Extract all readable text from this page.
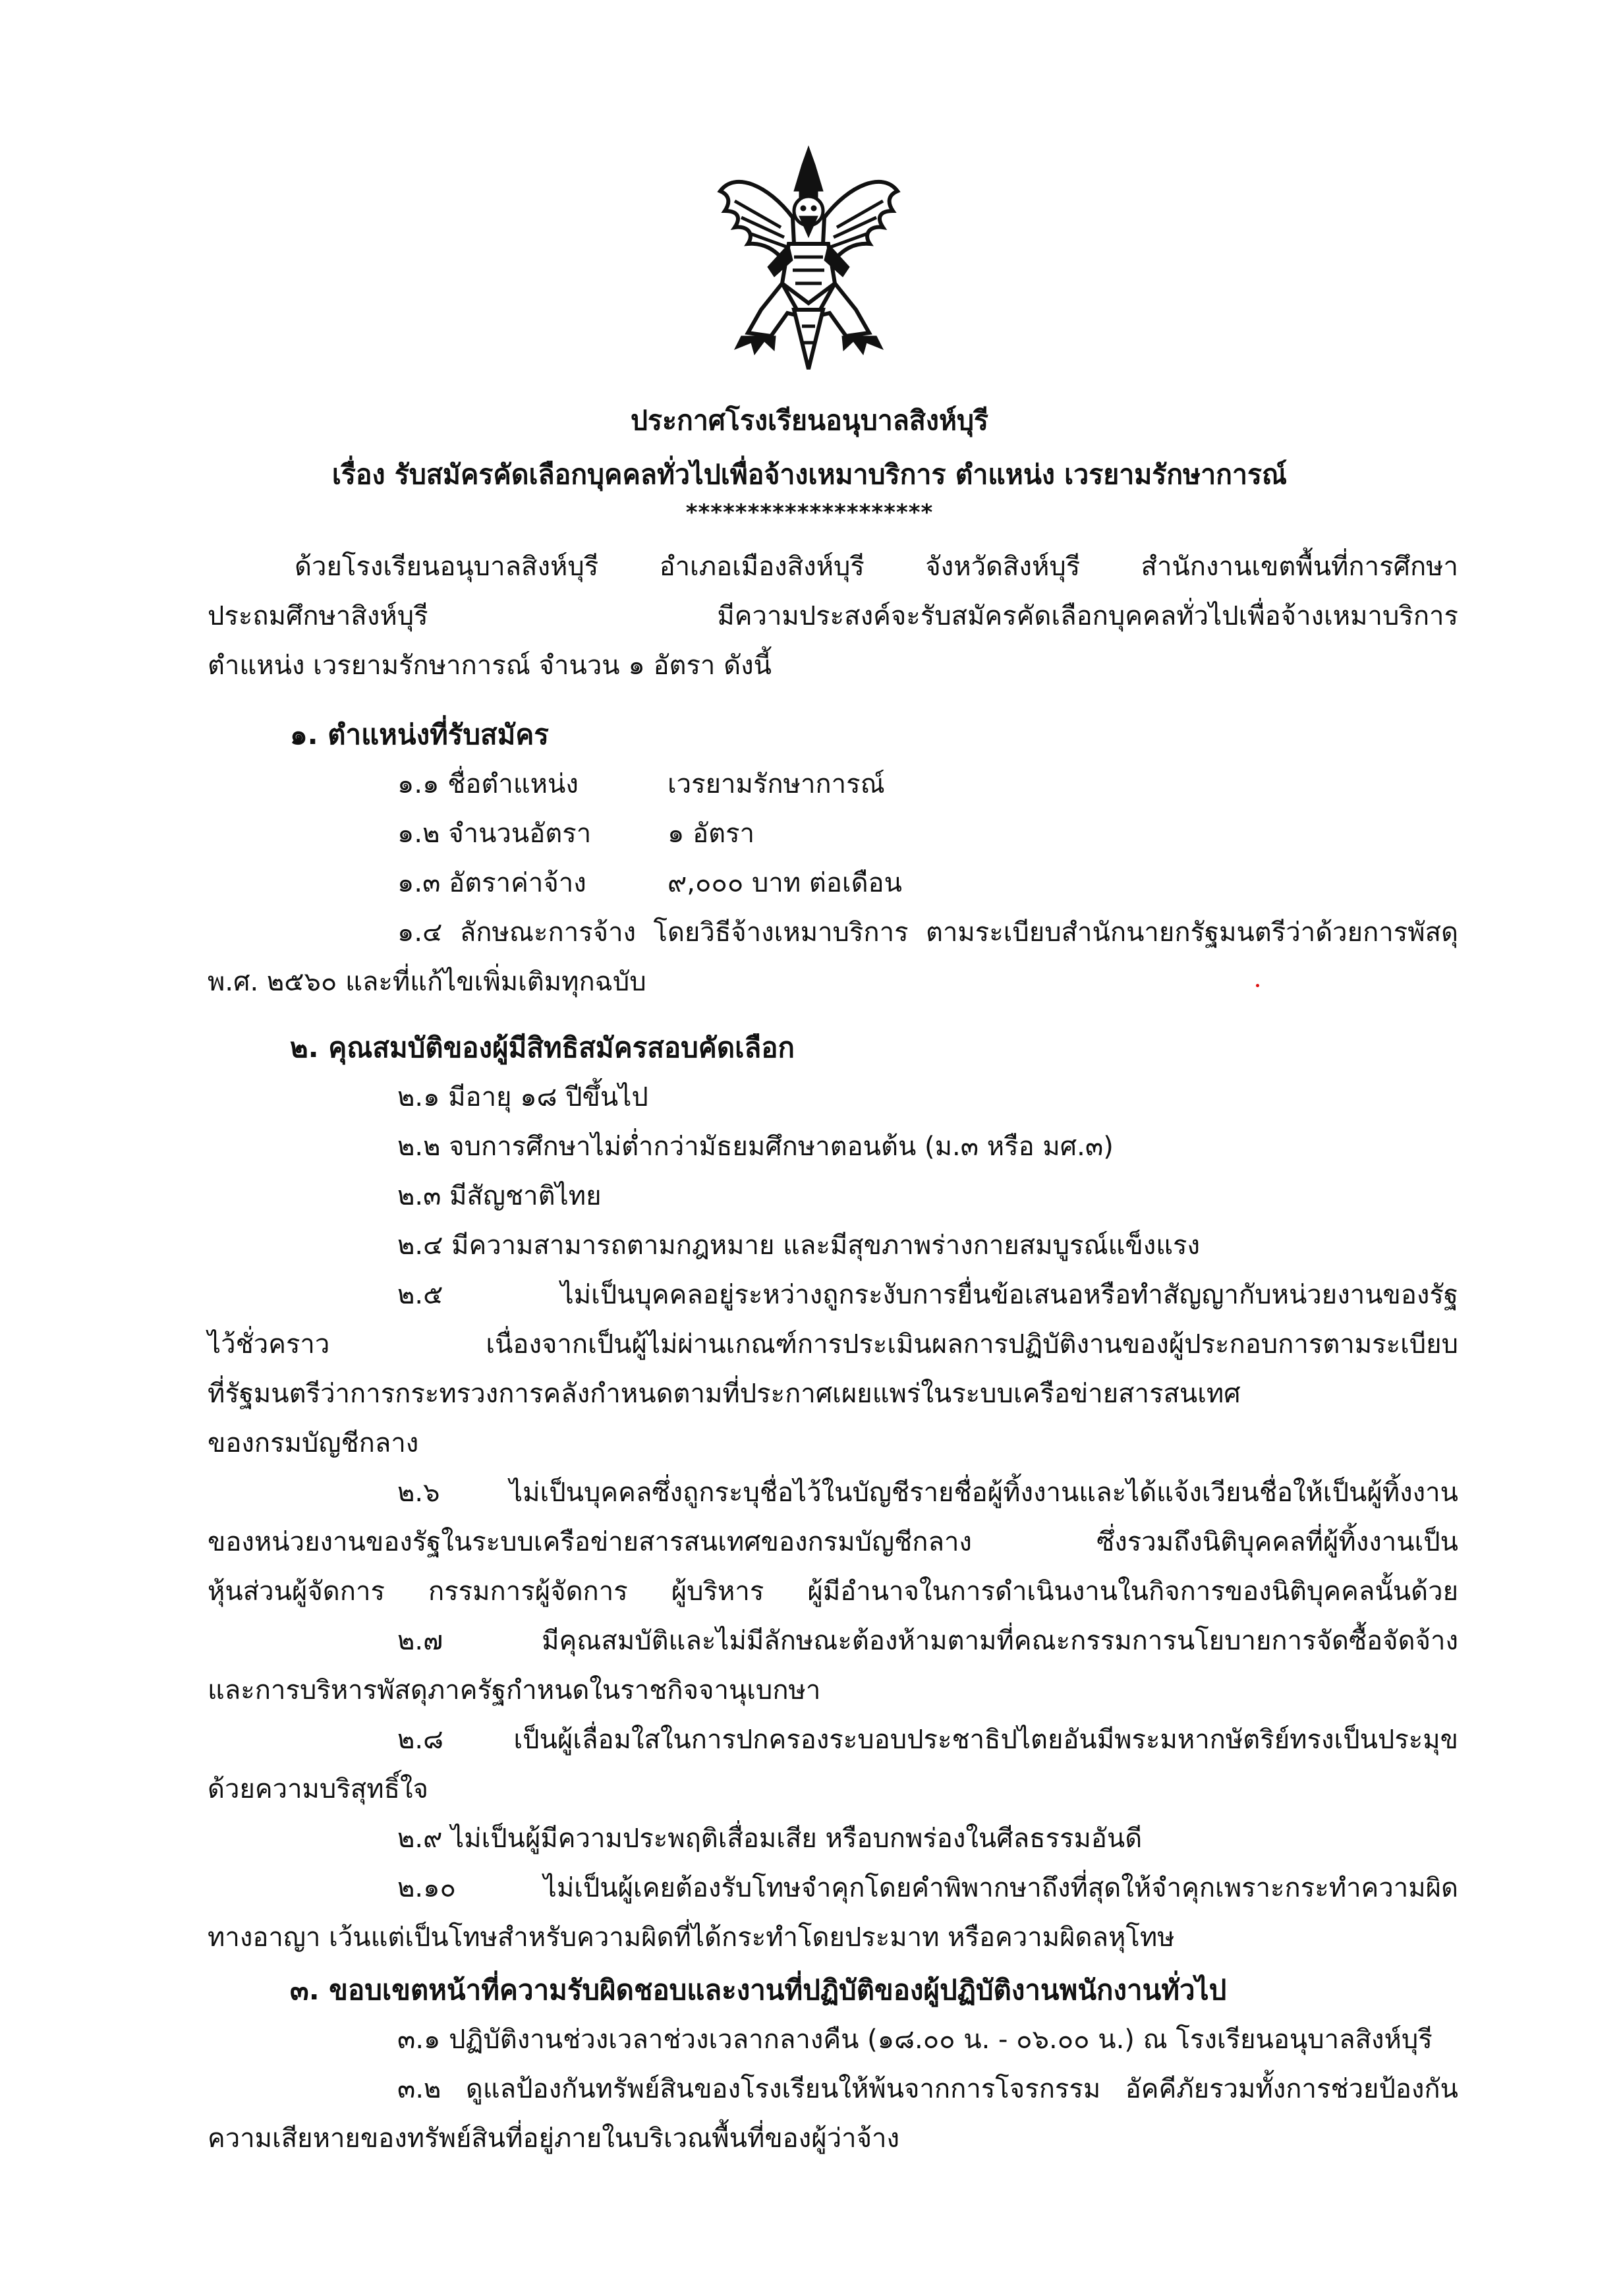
ประกาศโรงเรียนอนุบาลสิงห์บุรี
เรื่อง รับสมัครคัดเลือกบุคคลทั่วไปเพื่อจ้างเหมาบริการ ตำแหน่ง เวรยามรักษาการณ์
********************
ด้วยโรงเรียนอนุบาลสิงห์บุรี อำเภอเมืองสิงห์บุรี จังหวัดสิงห์บุรี สำนักงานเขตพื้นที่การศึกษา
ประถมศึกษาสิงห์บุรี มีความประสงค์จะรับสมัครคัดเลือกบุคคลทั่วไปเพื่อจ้างเหมาบริการ
ตำแหน่ง เวรยามรักษาการณ์ จำนวน ๑ อัตรา ดังนี้
๑. ตำแหน่งที่รับสมัคร
๑.๑ ชื่อตำแหน่ง	เวรยามรักษาการณ์
๑.๒ จำนวนอัตรา	๑ อัตรา
๑.๓ อัตราค่าจ้าง	๙,๐๐๐ บาท ต่อเดือน
๑.๔ ลักษณะการจ้าง โดยวิธีจ้างเหมาบริการ ตามระเบียบสำนักนายกรัฐมนตรีว่าด้วยการพัสดุ
พ.ศ. ๒๕๖๐ และที่แก้ไขเพิ่มเติมทุกฉบับ
๒. คุณสมบัติของผู้มีสิทธิสมัครสอบคัดเลือก
๒.๑ มีอายุ ๑๘ ปีขึ้นไป
๒.๒ จบการศึกษาไม่ต่ำกว่ามัธยมศึกษาตอนต้น (ม.๓ หรือ มศ.๓)
๒.๓ มีสัญชาติไทย
๒.๔ มีความสามารถตามกฎหมาย และมีสุขภาพร่างกายสมบูรณ์แข็งแรง
๒.๕ ไม่เป็นบุคคลอยู่ระหว่างถูกระงับการยื่นข้อเสนอหรือทำสัญญากับหน่วยงานของรัฐ
ไว้ชั่วคราว เนื่องจากเป็นผู้ไม่ผ่านเกณฑ์การประเมินผลการปฏิบัติงานของผู้ประกอบการตามระเบียบ
ที่รัฐมนตรีว่าการกระทรวงการคลังกำหนดตามที่ประกาศเผยแพร่ในระบบเครือข่ายสารสนเทศ
ของกรมบัญชีกลาง
๒.๖ ไม่เป็นบุคคลซึ่งถูกระบุชื่อไว้ในบัญชีรายชื่อผู้ทิ้งงานและได้แจ้งเวียนชื่อให้เป็นผู้ทิ้งงาน
ของหน่วยงานของรัฐในระบบเครือข่ายสารสนเทศของกรมบัญชีกลาง ซึ่งรวมถึงนิติบุคคลที่ผู้ทิ้งงานเป็น
หุ้นส่วนผู้จัดการ กรรมการผู้จัดการ ผู้บริหาร ผู้มีอำนาจในการดำเนินงานในกิจการของนิติบุคคลนั้นด้วย
๒.๗ มีคุณสมบัติและไม่มีลักษณะต้องห้ามตามที่คณะกรรมการนโยบายการจัดซื้อจัดจ้าง
และการบริหารพัสดุภาครัฐกำหนดในราชกิจจานุเบกษา
๒.๘ เป็นผู้เลื่อมใสในการปกครองระบอบประชาธิปไตยอันมีพระมหากษัตริย์ทรงเป็นประมุข
ด้วยความบริสุทธิ์ใจ
๒.๙ ไม่เป็นผู้มีความประพฤติเสื่อมเสีย หรือบกพร่องในศีลธรรมอันดี
๒.๑๐ ไม่เป็นผู้เคยต้องรับโทษจำคุกโดยคำพิพากษาถึงที่สุดให้จำคุกเพราะกระทำความผิด
ทางอาญา เว้นแต่เป็นโทษสำหรับความผิดที่ได้กระทำโดยประมาท หรือความผิดลหุโทษ
๓. ขอบเขตหน้าที่ความรับผิดชอบและงานที่ปฏิบัติของผู้ปฏิบัติงานพนักงานทั่วไป
๓.๑ ปฏิบัติงานช่วงเวลาช่วงเวลากลางคืน (๑๘.๐๐ น. - ๐๖.๐๐ น.) ณ โรงเรียนอนุบาลสิงห์บุรี
๓.๒ ดูแลป้องกันทรัพย์สินของโรงเรียนให้พ้นจากการโจรกรรม อัคคีภัยรวมทั้งการช่วยป้องกัน
ความเสียหายของทรัพย์สินที่อยู่ภายในบริเวณพื้นที่ของผู้ว่าจ้าง
